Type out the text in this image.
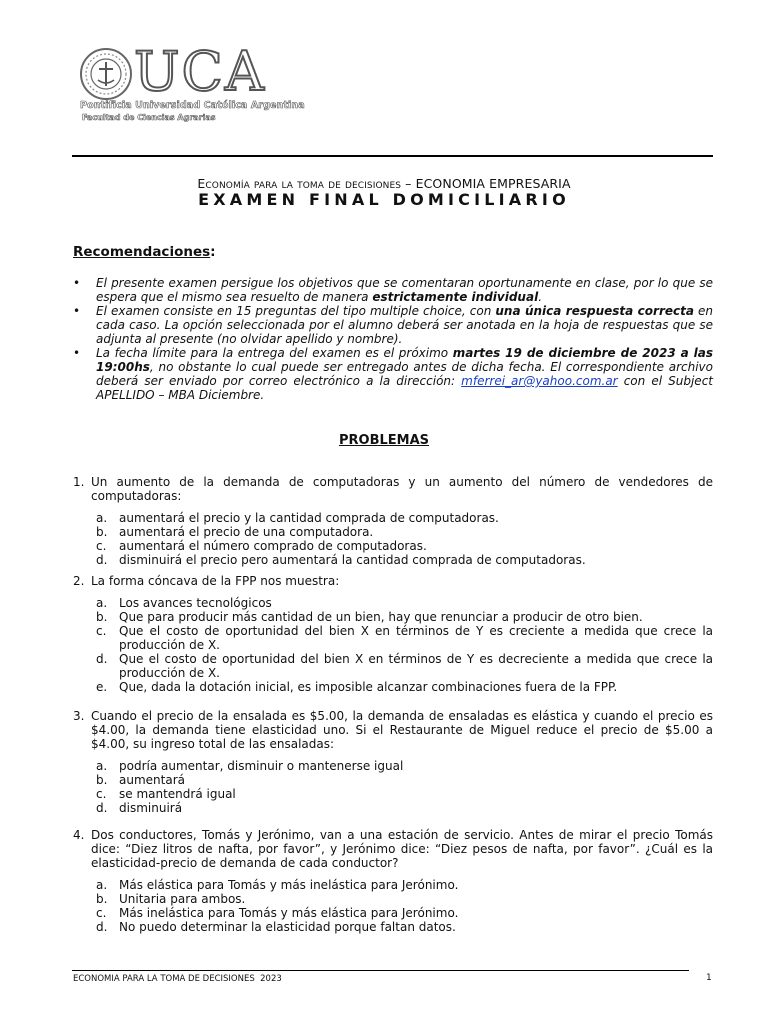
UCA
Pontificia Universidad Católica Argentina
Facultad de Ciencias Agrarias
Economía para la toma de decisiones – ECONOMIA EMPRESARIA
EXAMEN FINAL DOMICILIARIO
Recomendaciones:
• El presente examen persigue los objetivos que se comentaran oportunamente en clase, por lo que se espera que el mismo sea resuelto de manera estrictamente individual.
• El examen consiste en 15 preguntas del tipo multiple choice, con una única respuesta correcta en cada caso. La opción seleccionada por el alumno deberá ser anotada en la hoja de respuestas que se adjunta al presente (no olvidar apellido y nombre).
• La fecha límite para la entrega del examen es el próximo martes 19 de diciembre de 2023 a las 19:00hs, no obstante lo cual puede ser entregado antes de dicha fecha. El correspondiente archivo deberá ser enviado por correo electrónico a la dirección: mferrei_ar@yahoo.com.ar con el Subject APELLIDO – MBA Diciembre.
PROBLEMAS
1. Un aumento de la demanda de computadoras y un aumento del número de vendedores de computadoras:
a. aumentará el precio y la cantidad comprada de computadoras.
b. aumentará el precio de una computadora.
c. aumentará el número comprado de computadoras.
d. disminuirá el precio pero aumentará la cantidad comprada de computadoras.
2. La forma cóncava de la FPP nos muestra:
a. Los avances tecnológicos
b. Que para producir más cantidad de un bien, hay que renunciar a producir de otro bien.
c. Que el costo de oportunidad del bien X en términos de Y es creciente a medida que crece la producción de X.
d. Que el costo de oportunidad del bien X en términos de Y es decreciente a medida que crece la producción de X.
e. Que, dada la dotación inicial, es imposible alcanzar combinaciones fuera de la FPP.
3. Cuando el precio de la ensalada es $5.00, la demanda de ensaladas es elástica y cuando el precio es $4.00, la demanda tiene elasticidad uno. Si el Restaurante de Miguel reduce el precio de $5.00 a $4.00, su ingreso total de las ensaladas:
a. podría aumentar, disminuir o mantenerse igual
b. aumentará
c. se mantendrá igual
d. disminuirá
4. Dos conductores, Tomás y Jerónimo, van a una estación de servicio. Antes de mirar el precio Tomás dice: “Diez litros de nafta, por favor”, y Jerónimo dice: “Diez pesos de nafta, por favor”. ¿Cuál es la elasticidad-precio de demanda de cada conductor?
a. Más elástica para Tomás y más inelástica para Jerónimo.
b. Unitaria para ambos.
c. Más inelástica para Tomás y más elástica para Jerónimo.
d. No puedo determinar la elasticidad porque faltan datos.
ECONOMIA PARA LA TOMA DE DECISIONES  2023	1
